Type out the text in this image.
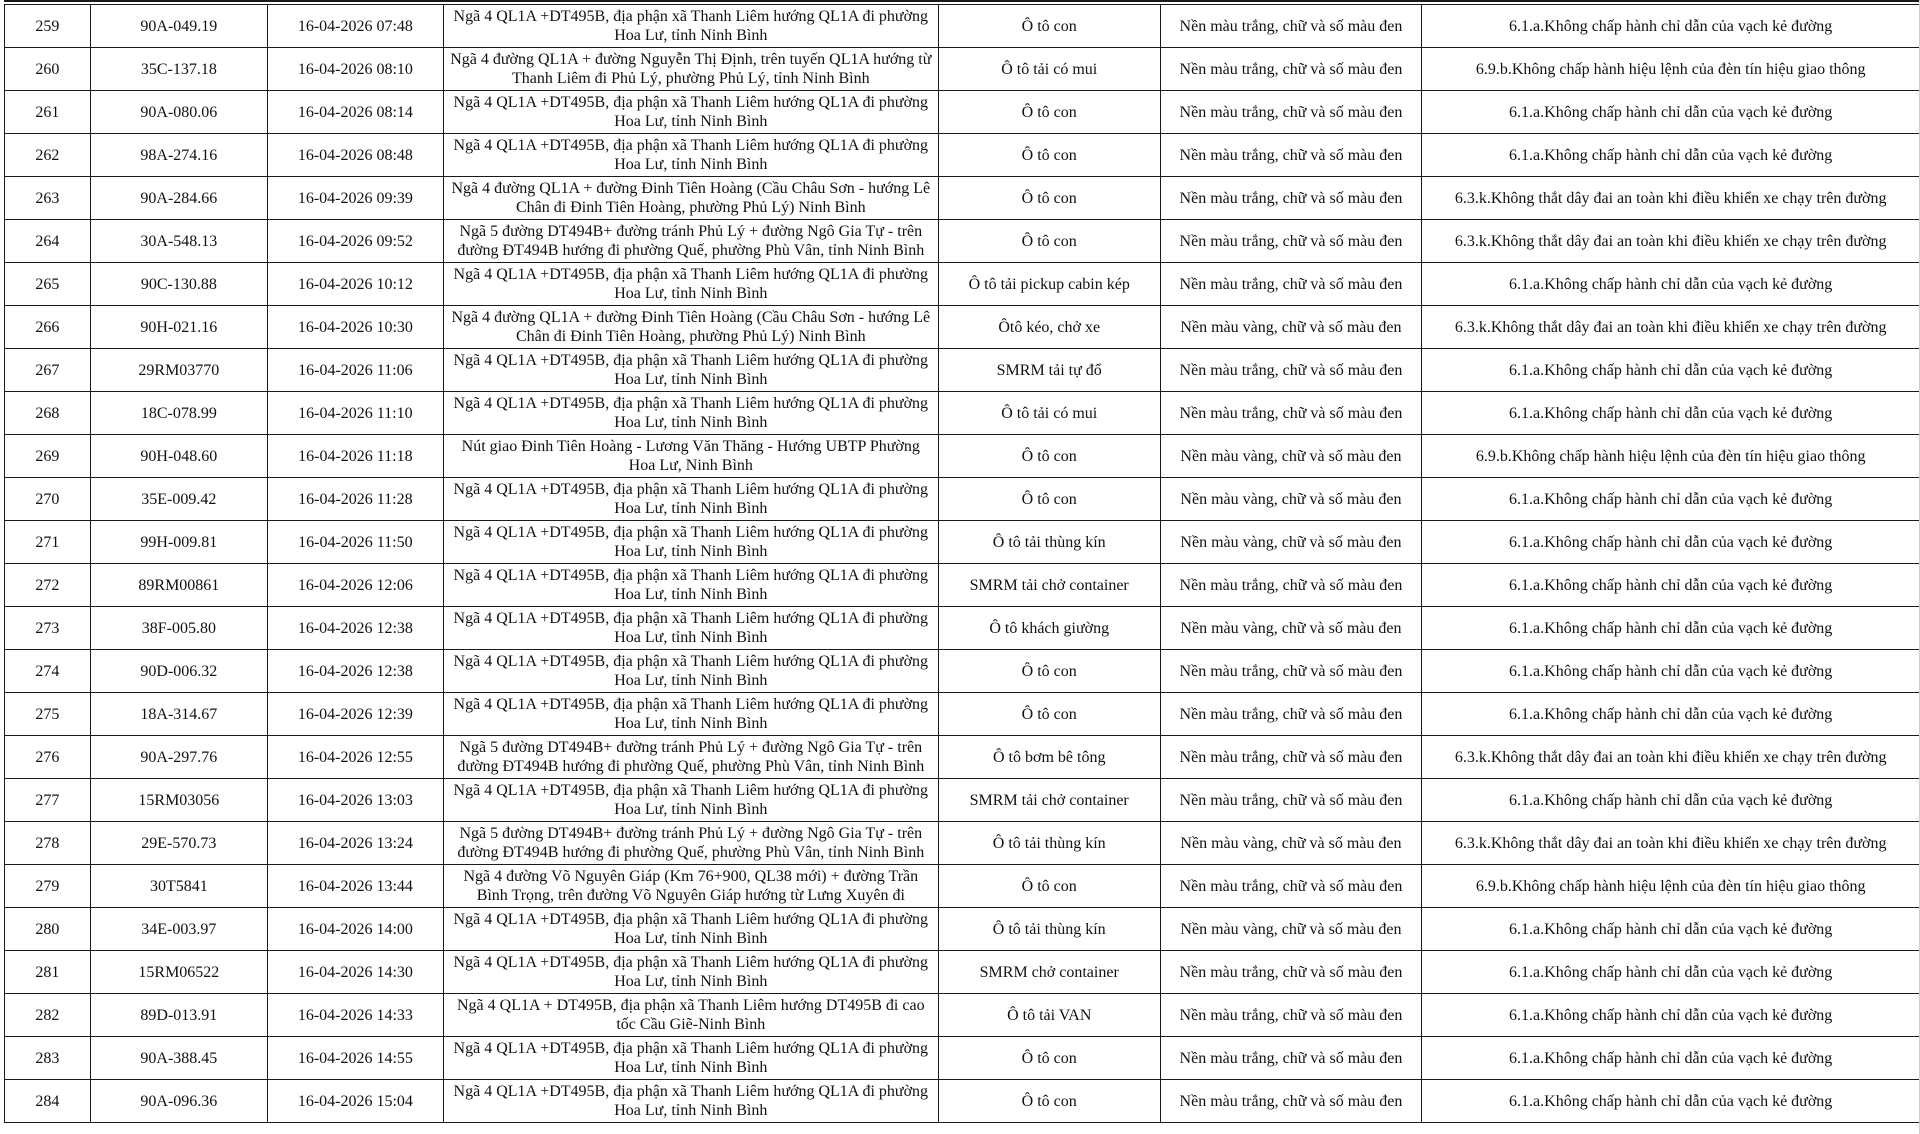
259	90A-049.19	16-04-2026 07:48	Ngã 4 QL1A +DT495B, địa phận xã Thanh Liêm hướng QL1A đi phường Hoa Lư, tỉnh Ninh Bình	Ô tô con	Nền màu trắng, chữ và số màu đen	6.1.a.Không chấp hành chỉ dẫn của vạch kẻ đường

260	35C-137.18	16-04-2026 08:10	Ngã 4 đường QL1A + đường Nguyễn Thị Định, trên tuyến QL1A hướng từ Thanh Liêm đi Phủ Lý, phường Phủ Lý, tỉnh Ninh Bình	Ô tô tải có mui	Nền màu trắng, chữ và số màu đen	6.9.b.Không chấp hành hiệu lệnh của đèn tín hiệu giao thông

261	90A-080.06	16-04-2026 08:14	Ngã 4 QL1A +DT495B, địa phận xã Thanh Liêm hướng QL1A đi phường Hoa Lư, tỉnh Ninh Bình	Ô tô con	Nền màu trắng, chữ và số màu đen	6.1.a.Không chấp hành chỉ dẫn của vạch kẻ đường

262	98A-274.16	16-04-2026 08:48	Ngã 4 QL1A +DT495B, địa phận xã Thanh Liêm hướng QL1A đi phường Hoa Lư, tỉnh Ninh Bình	Ô tô con	Nền màu trắng, chữ và số màu đen	6.1.a.Không chấp hành chỉ dẫn của vạch kẻ đường

263	90A-284.66	16-04-2026 09:39	Ngã 4 đường QL1A + đường Đinh Tiên Hoàng (Cầu Châu Sơn - hướng Lê Chân đi Đinh Tiên Hoàng, phường Phủ Lý) Ninh Bình	Ô tô con	Nền màu trắng, chữ và số màu đen	6.3.k.Không thắt dây đai an toàn khi điều khiển xe chạy trên đường

264	30A-548.13	16-04-2026 09:52	Ngã 5 đường DT494B+ đường tránh Phủ Lý + đường Ngô Gia Tự - trên đường ĐT494B hướng đi phường Quế, phường Phù Vân, tỉnh Ninh Bình	Ô tô con	Nền màu trắng, chữ và số màu đen	6.3.k.Không thắt dây đai an toàn khi điều khiển xe chạy trên đường

265	90C-130.88	16-04-2026 10:12	Ngã 4 QL1A +DT495B, địa phận xã Thanh Liêm hướng QL1A đi phường Hoa Lư, tỉnh Ninh Bình	Ô tô tải pickup cabin kép	Nền màu trắng, chữ và số màu đen	6.1.a.Không chấp hành chỉ dẫn của vạch kẻ đường

266	90H-021.16	16-04-2026 10:30	Ngã 4 đường QL1A + đường Đinh Tiên Hoàng (Cầu Châu Sơn - hướng Lê Chân đi Đinh Tiên Hoàng, phường Phủ Lý) Ninh Bình	Ôtô kéo, chở xe	Nền màu vàng, chữ và số màu đen	6.3.k.Không thắt dây đai an toàn khi điều khiển xe chạy trên đường

267	29RM03770	16-04-2026 11:06	Ngã 4 QL1A +DT495B, địa phận xã Thanh Liêm hướng QL1A đi phường Hoa Lư, tỉnh Ninh Bình	SMRM tải tự đổ	Nền màu trắng, chữ và số màu đen	6.1.a.Không chấp hành chỉ dẫn của vạch kẻ đường

268	18C-078.99	16-04-2026 11:10	Ngã 4 QL1A +DT495B, địa phận xã Thanh Liêm hướng QL1A đi phường Hoa Lư, tỉnh Ninh Bình	Ô tô tải có mui	Nền màu trắng, chữ và số màu đen	6.1.a.Không chấp hành chỉ dẫn của vạch kẻ đường

269	90H-048.60	16-04-2026 11:18	Nút giao Đinh Tiên Hoàng - Lương Văn Thăng - Hướng UBTP Phường Hoa Lư, Ninh Bình	Ô tô con	Nền màu vàng, chữ và số màu đen	6.9.b.Không chấp hành hiệu lệnh của đèn tín hiệu giao thông

270	35E-009.42	16-04-2026 11:28	Ngã 4 QL1A +DT495B, địa phận xã Thanh Liêm hướng QL1A đi phường Hoa Lư, tỉnh Ninh Bình	Ô tô con	Nền màu vàng, chữ và số màu đen	6.1.a.Không chấp hành chỉ dẫn của vạch kẻ đường

271	99H-009.81	16-04-2026 11:50	Ngã 4 QL1A +DT495B, địa phận xã Thanh Liêm hướng QL1A đi phường Hoa Lư, tỉnh Ninh Bình	Ô tô tải thùng kín	Nền màu vàng, chữ và số màu đen	6.1.a.Không chấp hành chỉ dẫn của vạch kẻ đường

272	89RM00861	16-04-2026 12:06	Ngã 4 QL1A +DT495B, địa phận xã Thanh Liêm hướng QL1A đi phường Hoa Lư, tỉnh Ninh Bình	SMRM tải chở container	Nền màu trắng, chữ và số màu đen	6.1.a.Không chấp hành chỉ dẫn của vạch kẻ đường

273	38F-005.80	16-04-2026 12:38	Ngã 4 QL1A +DT495B, địa phận xã Thanh Liêm hướng QL1A đi phường Hoa Lư, tỉnh Ninh Bình	Ô tô khách giường	Nền màu vàng, chữ và số màu đen	6.1.a.Không chấp hành chỉ dẫn của vạch kẻ đường

274	90D-006.32	16-04-2026 12:38	Ngã 4 QL1A +DT495B, địa phận xã Thanh Liêm hướng QL1A đi phường Hoa Lư, tỉnh Ninh Bình	Ô tô con	Nền màu trắng, chữ và số màu đen	6.1.a.Không chấp hành chỉ dẫn của vạch kẻ đường

275	18A-314.67	16-04-2026 12:39	Ngã 4 QL1A +DT495B, địa phận xã Thanh Liêm hướng QL1A đi phường Hoa Lư, tỉnh Ninh Bình	Ô tô con	Nền màu trắng, chữ và số màu đen	6.1.a.Không chấp hành chỉ dẫn của vạch kẻ đường

276	90A-297.76	16-04-2026 12:55	Ngã 5 đường DT494B+ đường tránh Phủ Lý + đường Ngô Gia Tự - trên đường ĐT494B hướng đi phường Quế, phường Phù Vân, tỉnh Ninh Bình	Ô tô bơm bê tông	Nền màu trắng, chữ và số màu đen	6.3.k.Không thắt dây đai an toàn khi điều khiển xe chạy trên đường

277	15RM03056	16-04-2026 13:03	Ngã 4 QL1A +DT495B, địa phận xã Thanh Liêm hướng QL1A đi phường Hoa Lư, tỉnh Ninh Bình	SMRM tải chở container	Nền màu trắng, chữ và số màu đen	6.1.a.Không chấp hành chỉ dẫn của vạch kẻ đường

278	29E-570.73	16-04-2026 13:24	Ngã 5 đường DT494B+ đường tránh Phủ Lý + đường Ngô Gia Tự - trên đường ĐT494B hướng đi phường Quế, phường Phù Vân, tỉnh Ninh Bình	Ô tô tải thùng kín	Nền màu vàng, chữ và số màu đen	6.3.k.Không thắt dây đai an toàn khi điều khiển xe chạy trên đường

279	30T5841	16-04-2026 13:44	Ngã 4 đường Võ Nguyên Giáp (Km 76+900, QL38 mới) + đường Trần Bình Trọng, trên đường Võ Nguyên Giáp hướng từ Lưng Xuyên đi	Ô tô con	Nền màu trắng, chữ và số màu đen	6.9.b.Không chấp hành hiệu lệnh của đèn tín hiệu giao thông

280	34E-003.97	16-04-2026 14:00	Ngã 4 QL1A +DT495B, địa phận xã Thanh Liêm hướng QL1A đi phường Hoa Lư, tỉnh Ninh Bình	Ô tô tải thùng kín	Nền màu vàng, chữ và số màu đen	6.1.a.Không chấp hành chỉ dẫn của vạch kẻ đường

281	15RM06522	16-04-2026 14:30	Ngã 4 QL1A +DT495B, địa phận xã Thanh Liêm hướng QL1A đi phường Hoa Lư, tỉnh Ninh Bình	SMRM chở container	Nền màu trắng, chữ và số màu đen	6.1.a.Không chấp hành chỉ dẫn của vạch kẻ đường

282	89D-013.91	16-04-2026 14:33	Ngã 4 QL1A + DT495B, địa phận xã Thanh Liêm hướng DT495B đi cao tốc Cầu Giẽ-Ninh Bình	Ô tô tải VAN	Nền màu trắng, chữ và số màu đen	6.1.a.Không chấp hành chỉ dẫn của vạch kẻ đường

283	90A-388.45	16-04-2026 14:55	Ngã 4 QL1A +DT495B, địa phận xã Thanh Liêm hướng QL1A đi phường Hoa Lư, tỉnh Ninh Bình	Ô tô con	Nền màu trắng, chữ và số màu đen	6.1.a.Không chấp hành chỉ dẫn của vạch kẻ đường

284	90A-096.36	16-04-2026 15:04	Ngã 4 QL1A +DT495B, địa phận xã Thanh Liêm hướng QL1A đi phường Hoa Lư, tỉnh Ninh Bình	Ô tô con	Nền màu trắng, chữ và số màu đen	6.1.a.Không chấp hành chỉ dẫn của vạch kẻ đường
